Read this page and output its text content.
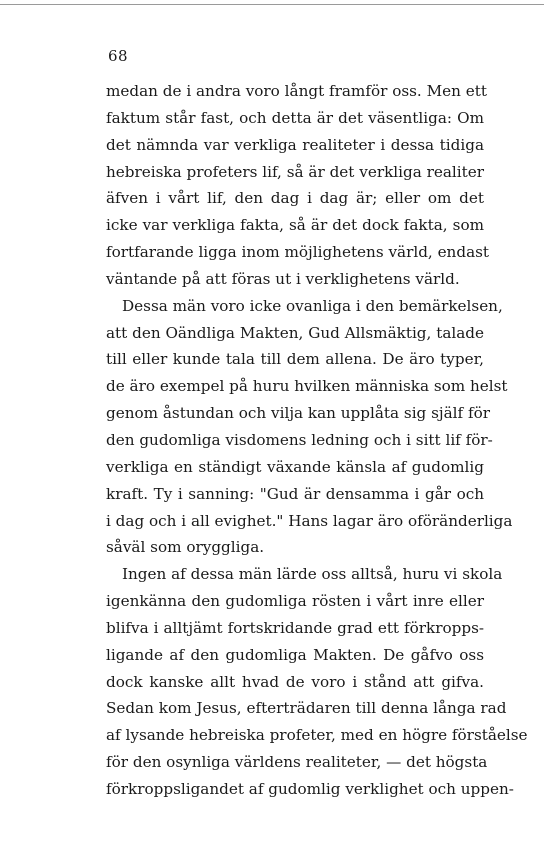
68
medan de i andra voro långt framför oss. Men ett
faktum står fast, och detta är det väsentliga: Om
det nämnda var verkliga realiteter i dessa tidiga
hebreiska profeters lif, så är det verkliga realiter
äfven i vårt lif, den dag i dag är; eller om det
icke var verkliga fakta, så är det dock fakta, som
fortfarande ligga inom möjlighetens värld, endast
väntande på att föras ut i verklighetens värld.
Dessa män voro icke ovanliga i den bemärkelsen,
att den Oändliga Makten, Gud Allsmäktig, talade
till eller kunde tala till dem allena. De äro typer,
de äro exempel på huru hvilken människa som helst
genom åstundan och vilja kan upplåta sig själf för
den gudomliga visdomens ledning och i sitt lif för-
verkliga en ständigt växande känsla af gudomlig
kraft. Ty i sanning: "Gud är densamma i går och
i dag och i all evighet." Hans lagar äro oföränderliga
såväl som oryggliga.
Ingen af dessa män lärde oss alltså, huru vi skola
igenkänna den gudomliga rösten i vårt inre eller
blifva i alltjämt fortskridande grad ett förkropps-
ligande af den gudomliga Makten. De gåfvo oss
dock kanske allt hvad de voro i stånd att gifva.
Sedan kom Jesus, efterträdaren till denna långa rad
af lysande hebreiska profeter, med en högre förståelse
för den osynliga världens realiteter, — det högsta
förkroppsligandet af gudomlig verklighet och uppen-
